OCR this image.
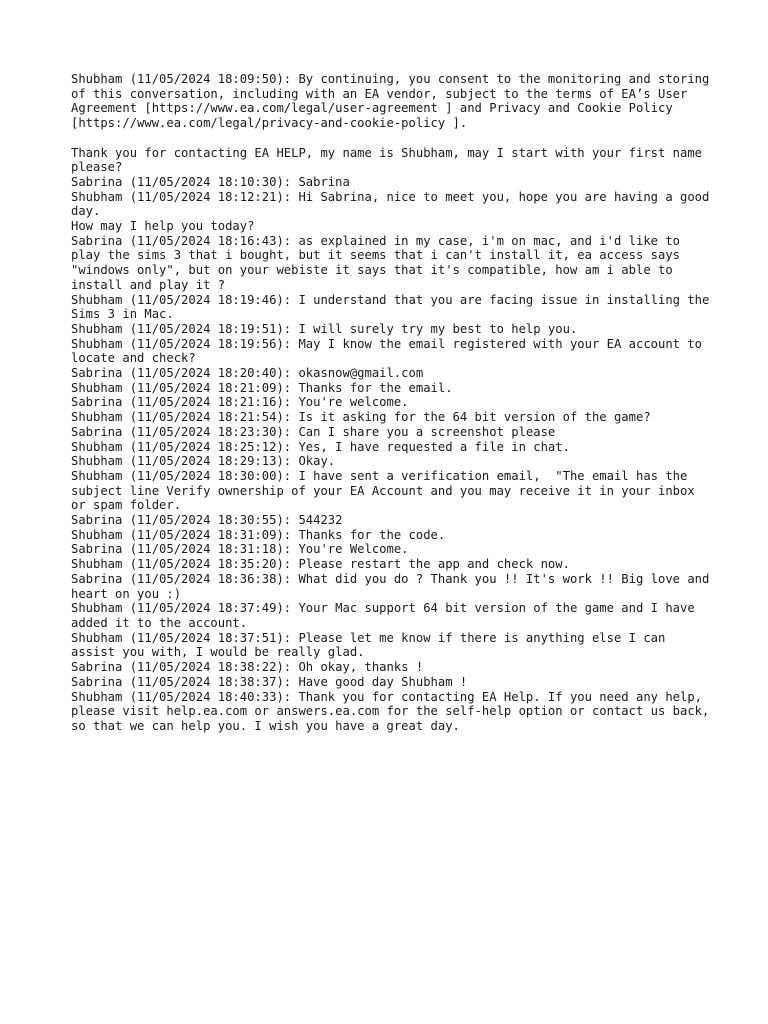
Shubham (11/05/2024 18:09:50): By continuing, you consent to the monitoring and storing of this conversation, including with an EA vendor, subject to the terms of EA’s User Agreement [https://www.ea.com/legal/user-agreement ] and Privacy and Cookie Policy [https://www.ea.com/legal/privacy-and-cookie-policy ].
Thank you for contacting EA HELP, my name is Shubham, may I start with your first name please?
Sabrina (11/05/2024 18:10:30): Sabrina
Shubham (11/05/2024 18:12:21): Hi Sabrina, nice to meet you, hope you are having a good day.
How may I help you today?
Sabrina (11/05/2024 18:16:43): as explained in my case, i'm on mac, and i'd like to play the sims 3 that i bought, but it seems that i can't install it, ea access says "windows only", but on your webiste it says that it's compatible, how am i able to install and play it ?
Shubham (11/05/2024 18:19:46): I understand that you are facing issue in installing the Sims 3 in Mac.
Shubham (11/05/2024 18:19:51): I will surely try my best to help you.
Shubham (11/05/2024 18:19:56): May I know the email registered with your EA account to locate and check?
Sabrina (11/05/2024 18:20:40): okasnow@gmail.com
Shubham (11/05/2024 18:21:09): Thanks for the email.
Sabrina (11/05/2024 18:21:16): You're welcome.
Shubham (11/05/2024 18:21:54): Is it asking for the 64 bit version of the game?
Sabrina (11/05/2024 18:23:30): Can I share you a screenshot please
Shubham (11/05/2024 18:25:12): Yes, I have requested a file in chat.
Shubham (11/05/2024 18:29:13): Okay.
Shubham (11/05/2024 18:30:00): I have sent a verification email,  "The email has the subject line Verify ownership of your EA Account and you may receive it in your inbox or spam folder.
Sabrina (11/05/2024 18:30:55): 544232
Shubham (11/05/2024 18:31:09): Thanks for the code.
Sabrina (11/05/2024 18:31:18): You're Welcome.
Shubham (11/05/2024 18:35:20): Please restart the app and check now.
Sabrina (11/05/2024 18:36:38): What did you do ? Thank you !! It's work !! Big love and heart on you :)
Shubham (11/05/2024 18:37:49): Your Mac support 64 bit version of the game and I have added it to the account.
Shubham (11/05/2024 18:37:51): Please let me know if there is anything else I can assist you with, I would be really glad.
Sabrina (11/05/2024 18:38:22): Oh okay, thanks !
Sabrina (11/05/2024 18:38:37): Have good day Shubham !
Shubham (11/05/2024 18:40:33): Thank you for contacting EA Help. If you need any help, please visit help.ea.com or answers.ea.com for the self-help option or contact us back, so that we can help you. I wish you have a great day.
